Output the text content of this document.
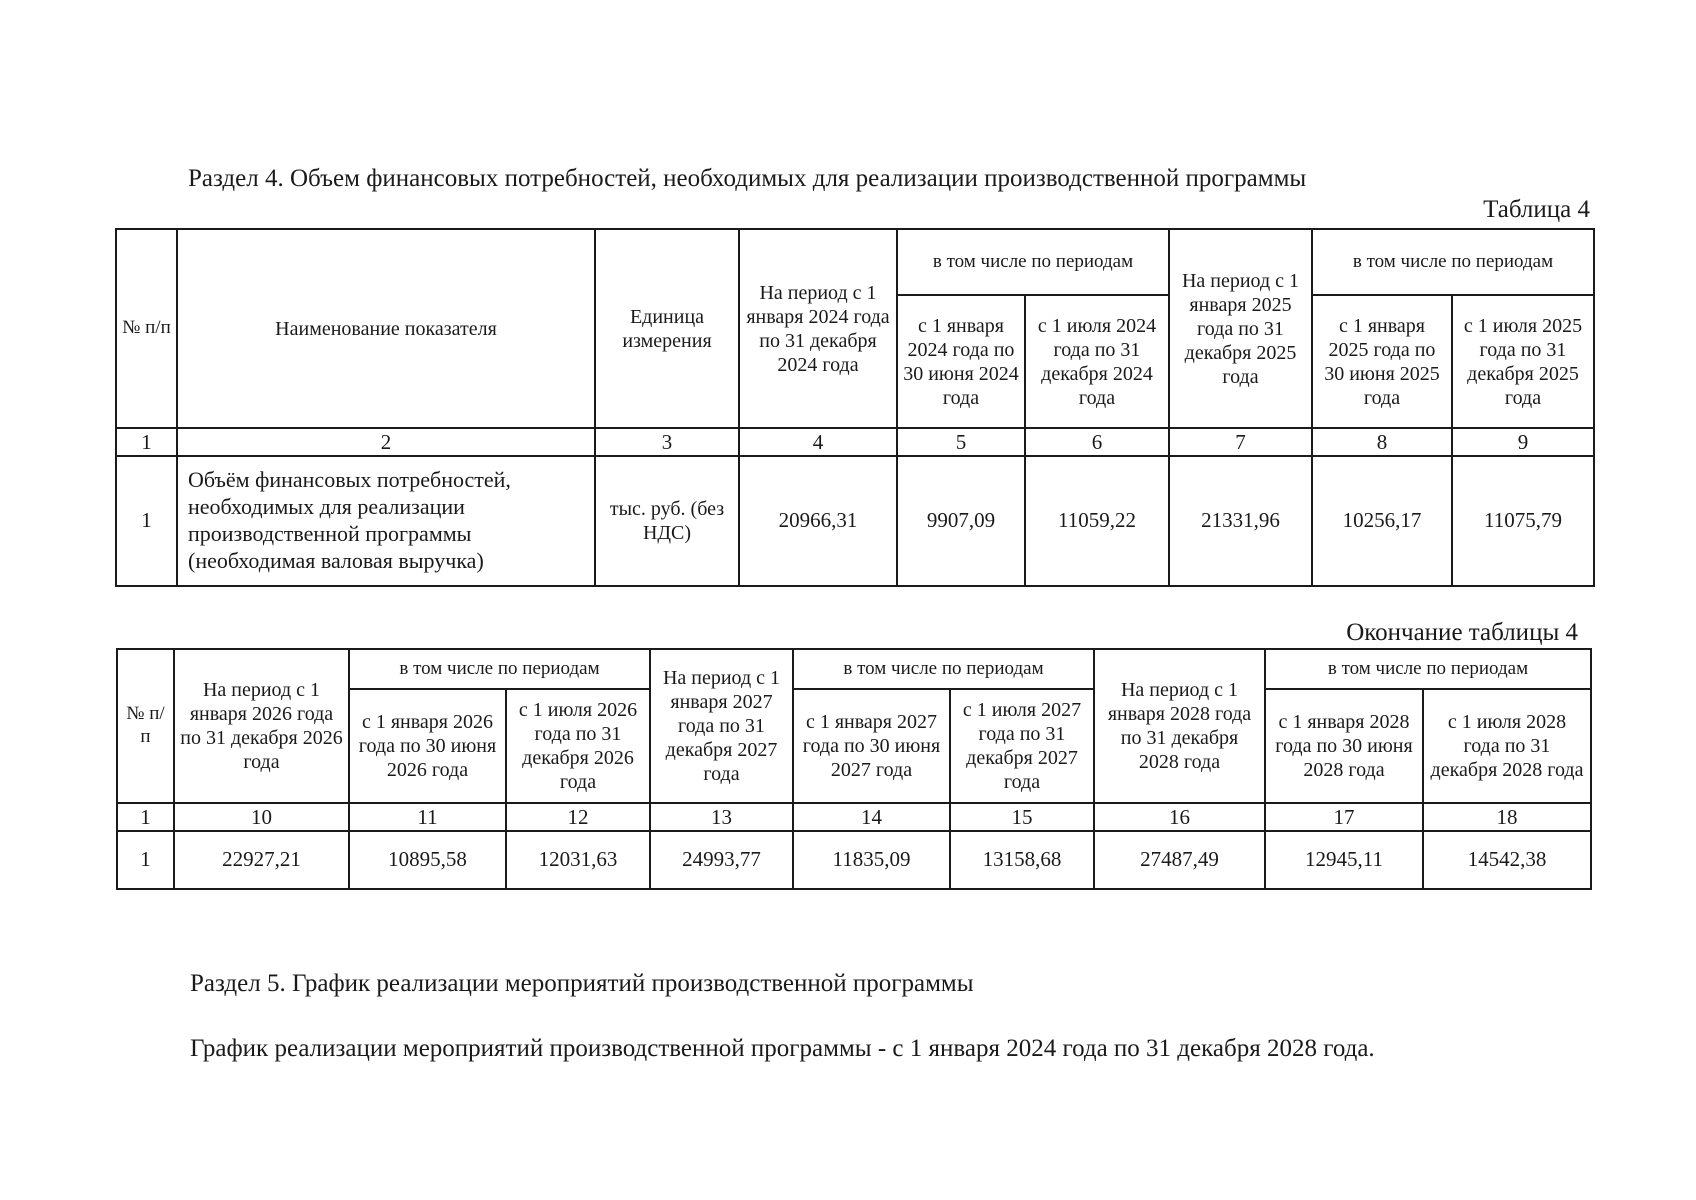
Раздел 4. Объем финансовых потребностей, необходимых для реализации производственной программы
Таблица 4
№ п/п	Наименование показателя	Единица измерения	На период с 1 января 2024 года по 31 декабря 2024 года	в том числе по периодам		На период с 1 января 2025 года по 31 декабря 2025 года	в том числе по периодам	
				с 1 января 2024 года по 30 июня 2024 года	с 1 июля 2024 года по 31 декабря 2024 года		с 1 января 2025 года по 30 июня 2025 года	с 1 июля 2025 года по 31 декабря 2025 года
1	2	3	4	5	6	7	8	9
1	Объём финансовых потребностей, необходимых для реализации производственной программы (необходимая валовая выручка)	тыс. руб. (без НДС)	20966,31	9907,09	11059,22	21331,96	10256,17	11075,79
Окончание таблицы 4
№ п/п	На период с 1 января 2026 года по 31 декабря 2026 года	в том числе по периодам		На период с 1 января 2027 года по 31 декабря 2027 года	в том числе по периодам		На период с 1 января 2028 года по 31 декабря 2028 года	в том числе по периодам	
		с 1 января 2026 года по 30 июня 2026 года	с 1 июля 2026 года по 31 декабря 2026 года		с 1 января 2027 года по 30 июня 2027 года	с 1 июля 2027 года по 31 декабря 2027 года		с 1 января 2028 года по 30 июня 2028 года	с 1 июля 2028 года по 31 декабря 2028 года
1	10	11	12	13	14	15	16	17	18
1	22927,21	10895,58	12031,63	24993,77	11835,09	13158,68	27487,49	12945,11	14542,38
Раздел 5. График реализации мероприятий производственной программы
График реализации мероприятий производственной программы - с 1 января 2024 года по 31 декабря 2028 года.
